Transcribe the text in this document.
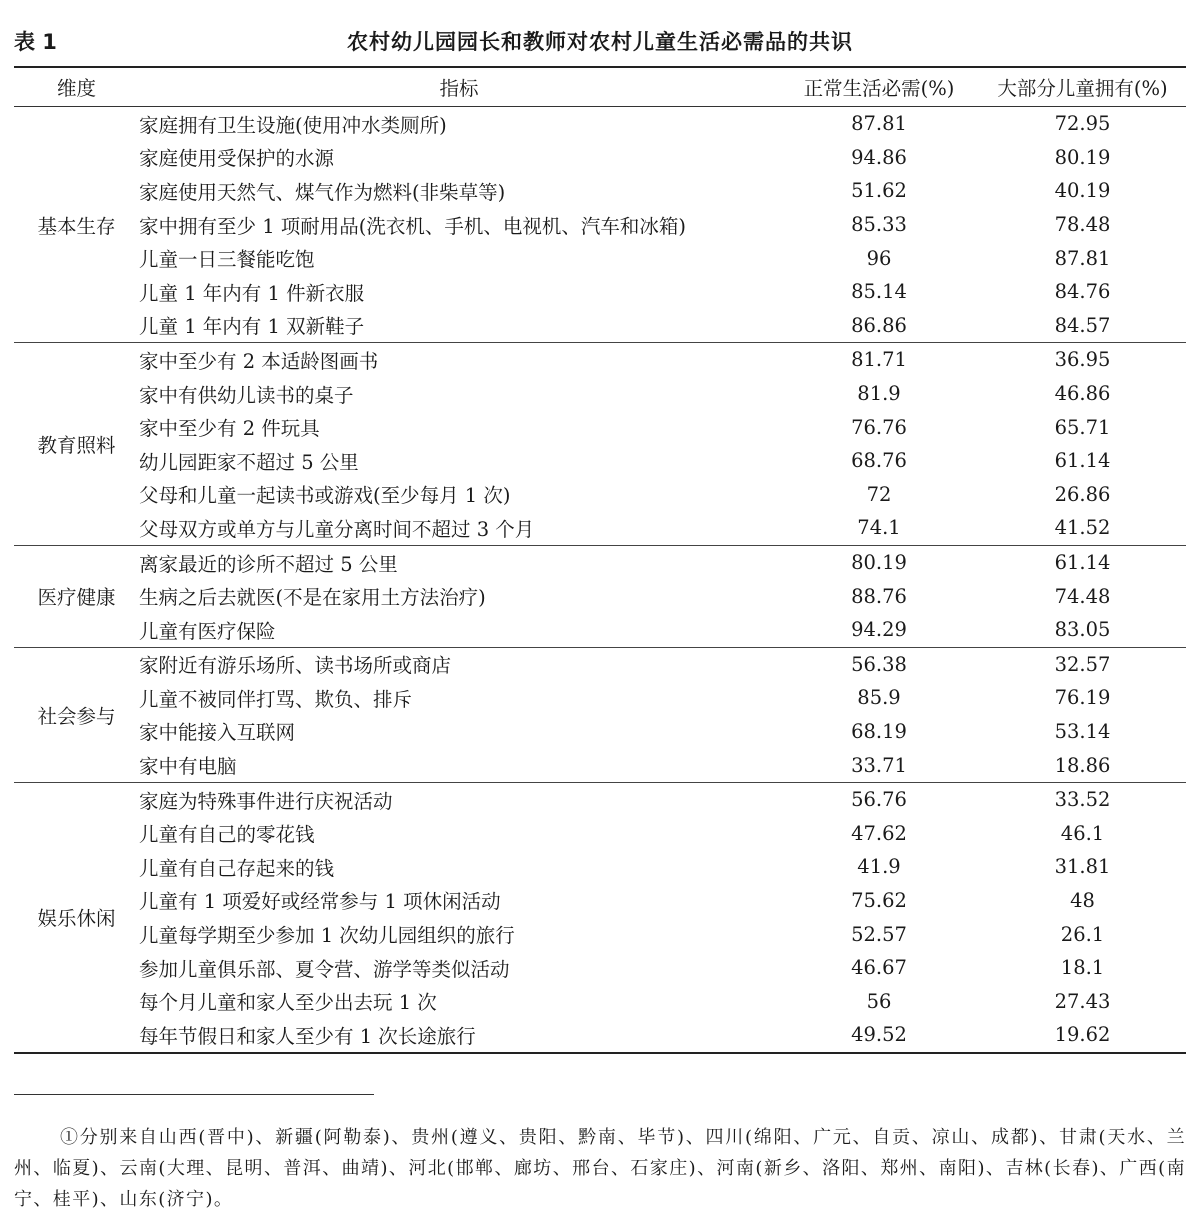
表 1	农村幼儿园园长和教师对农村儿童生活必需品的共识
维度	指标	正常生活必需(%)	大部分儿童拥有(%)
基本生存	家庭拥有卫生设施(使用冲水类厕所)	87.81	72.95
	家庭使用受保护的水源	94.86	80.19
	家庭使用天然气、煤气作为燃料(非柴草等)	51.62	40.19
	家中拥有至少 1 项耐用品(洗衣机、手机、电视机、汽车和冰箱)	85.33	78.48
	儿童一日三餐能吃饱	96	87.81
	儿童 1 年内有 1 件新衣服	85.14	84.76
	儿童 1 年内有 1 双新鞋子	86.86	84.57
教育照料	家中至少有 2 本适龄图画书	81.71	36.95
	家中有供幼儿读书的桌子	81.9	46.86
	家中至少有 2 件玩具	76.76	65.71
	幼儿园距家不超过 5 公里	68.76	61.14
	父母和儿童一起读书或游戏(至少每月 1 次)	72	26.86
	父母双方或单方与儿童分离时间不超过 3 个月	74.1	41.52
医疗健康	离家最近的诊所不超过 5 公里	80.19	61.14
	生病之后去就医(不是在家用土方法治疗)	88.76	74.48
	儿童有医疗保险	94.29	83.05
社会参与	家附近有游乐场所、读书场所或商店	56.38	32.57
	儿童不被同伴打骂、欺负、排斥	85.9	76.19
	家中能接入互联网	68.19	53.14
	家中有电脑	33.71	18.86
娱乐休闲	家庭为特殊事件进行庆祝活动	56.76	33.52
	儿童有自己的零花钱	47.62	46.1
	儿童有自己存起来的钱	41.9	31.81
	儿童有 1 项爱好或经常参与 1 项休闲活动	75.62	48
	儿童每学期至少参加 1 次幼儿园组织的旅行	52.57	26.1
	参加儿童俱乐部、夏令营、游学等类似活动	46.67	18.1
	每个月儿童和家人至少出去玩 1 次	56	27.43
	每年节假日和家人至少有 1 次长途旅行	49.52	19.62

①分别来自山西(晋中)、新疆(阿勒泰)、贵州(遵义、贵阳、黔南、毕节)、四川(绵阳、广元、自贡、凉山、成都)、甘肃(天水、兰州、临夏)、云南(大理、昆明、普洱、曲靖)、河北(邯郸、廊坊、邢台、石家庄)、河南(新乡、洛阳、郑州、南阳)、吉林(长春)、广西(南宁、桂平)、山东(济宁)。
